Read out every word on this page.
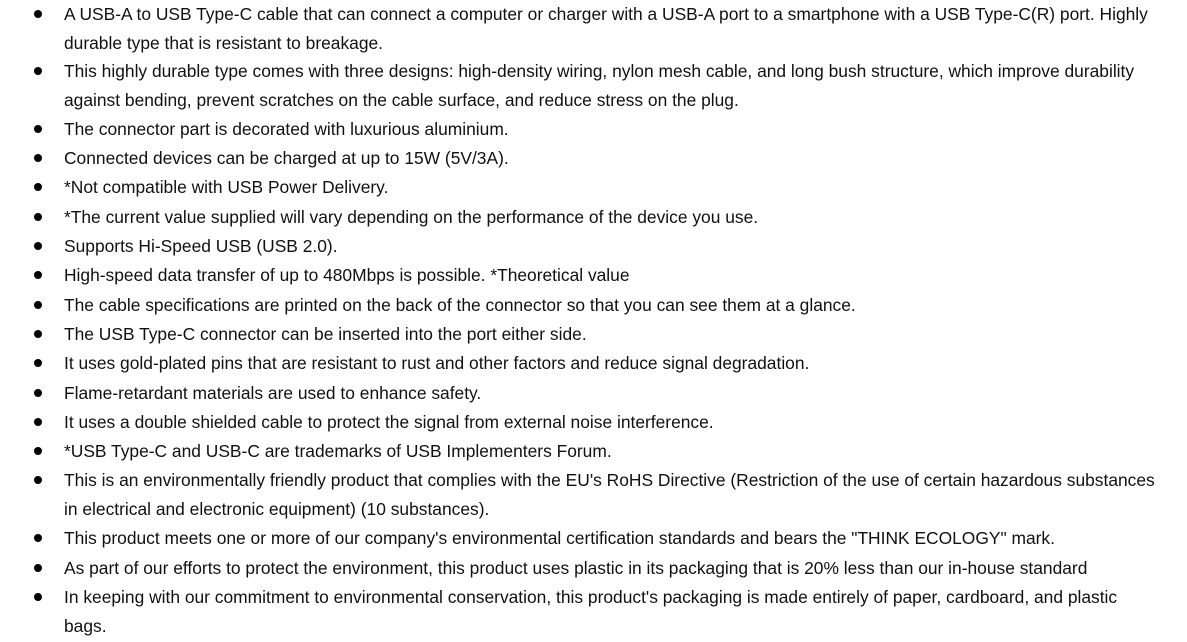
A USB-A to USB Type-C cable that can connect a computer or charger with a USB-A port to a smartphone with a USB Type-C(R) port. Highly durable type that is resistant to breakage.
This highly durable type comes with three designs: high-density wiring, nylon mesh cable, and long bush structure, which improve durability against bending, prevent scratches on the cable surface, and reduce stress on the plug.
The connector part is decorated with luxurious aluminium.
Connected devices can be charged at up to 15W (5V/3A).
*Not compatible with USB Power Delivery.
*The current value supplied will vary depending on the performance of the device you use.
Supports Hi-Speed USB (USB 2.0).
High-speed data transfer of up to 480Mbps is possible. *Theoretical value
The cable specifications are printed on the back of the connector so that you can see them at a glance.
The USB Type-C connector can be inserted into the port either side.
It uses gold-plated pins that are resistant to rust and other factors and reduce signal degradation.
Flame-retardant materials are used to enhance safety.
It uses a double shielded cable to protect the signal from external noise interference.
*USB Type-C and USB-C are trademarks of USB Implementers Forum.
This is an environmentally friendly product that complies with the EU's RoHS Directive (Restriction of the use of certain hazardous substances in electrical and electronic equipment) (10 substances).
This product meets one or more of our company's environmental certification standards and bears the "THINK ECOLOGY" mark.
As part of our efforts to protect the environment, this product uses plastic in its packaging that is 20% less than our in-house standard
In keeping with our commitment to environmental conservation, this product's packaging is made entirely of paper, cardboard, and plastic bags.
